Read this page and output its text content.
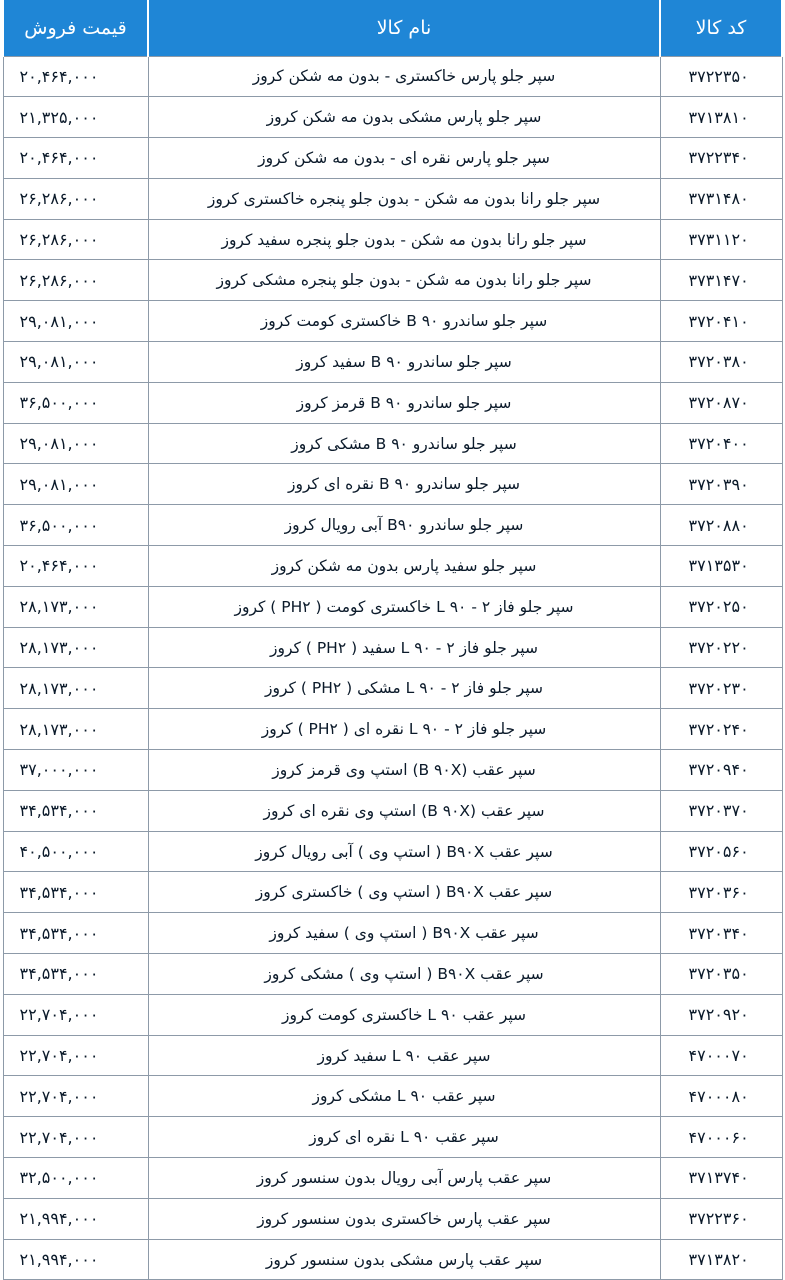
کد کالا	نام کالا	قیمت فروش
۳۷۲۲۳۵۰	سپر جلو پارس خاکستری - بدون مه شکن کروز	۲۰,۴۶۴,۰۰۰
۳۷۱۳۸۱۰	سپر جلو پارس مشکی بدون مه شکن کروز	۲۱,۳۲۵,۰۰۰
۳۷۲۲۳۴۰	سپر جلو پارس نقره ای - بدون مه شکن کروز	۲۰,۴۶۴,۰۰۰
۳۷۳۱۴۸۰	سپر جلو رانا بدون مه شکن - بدون جلو پنجره خاکستری کروز	۲۶,۲۸۶,۰۰۰
۳۷۳۱۱۲۰	سپر جلو رانا بدون مه شکن - بدون جلو پنجره سفید کروز	۲۶,۲۸۶,۰۰۰
۳۷۳۱۴۷۰	سپر جلو رانا بدون مه شکن - بدون جلو پنجره مشکی کروز	۲۶,۲۸۶,۰۰۰
۳۷۲۰۴۱۰	سپر جلو ساندرو B ۹۰ خاکستری کومت کروز	۲۹,۰۸۱,۰۰۰
۳۷۲۰۳۸۰	سپر جلو ساندرو B ۹۰ سفید کروز	۲۹,۰۸۱,۰۰۰
۳۷۲۰۸۷۰	سپر جلو ساندرو B ۹۰ قرمز کروز	۳۶,۵۰۰,۰۰۰
۳۷۲۰۴۰۰	سپر جلو ساندرو B ۹۰ مشکی کروز	۲۹,۰۸۱,۰۰۰
۳۷۲۰۳۹۰	سپر جلو ساندرو B ۹۰ نقره ای کروز	۲۹,۰۸۱,۰۰۰
۳۷۲۰۸۸۰	سپر جلو ساندرو B۹۰ آبی رویال کروز	۳۶,۵۰۰,۰۰۰
۳۷۱۳۵۳۰	سپر جلو سفید پارس بدون مه شکن کروز	۲۰,۴۶۴,۰۰۰
۳۷۲۰۲۵۰	سپر جلو فاز ۲ - ۹۰ L خاکستری کومت ( PH۲ ) کروز	۲۸,۱۷۳,۰۰۰
۳۷۲۰۲۲۰	سپر جلو فاز ۲ - ۹۰ L سفید ( PH۲ ) کروز	۲۸,۱۷۳,۰۰۰
۳۷۲۰۲۳۰	سپر جلو فاز ۲ - ۹۰ L مشکی ( PH۲ ) کروز	۲۸,۱۷۳,۰۰۰
۳۷۲۰۲۴۰	سپر جلو فاز ۲ - ۹۰ L نقره ای ( PH۲ ) کروز	۲۸,۱۷۳,۰۰۰
۳۷۲۰۹۴۰	سپر عقب (B ۹۰X) استپ وی قرمز کروز	۳۷,۰۰۰,۰۰۰
۳۷۲۰۳۷۰	سپر عقب (B ۹۰X) استپ وی نقره ای کروز	۳۴,۵۳۴,۰۰۰
۳۷۲۰۵۶۰	سپر عقب B۹۰X ( استپ وی ) آبی رویال کروز	۴۰,۵۰۰,۰۰۰
۳۷۲۰۳۶۰	سپر عقب B۹۰X ( استپ وی ) خاکستری کروز	۳۴,۵۳۴,۰۰۰
۳۷۲۰۳۴۰	سپر عقب B۹۰X ( استپ وی ) سفید کروز	۳۴,۵۳۴,۰۰۰
۳۷۲۰۳۵۰	سپر عقب B۹۰X ( استپ وی ) مشکی کروز	۳۴,۵۳۴,۰۰۰
۳۷۲۰۹۲۰	سپر عقب ۹۰ L خاکستری کومت کروز	۲۲,۷۰۴,۰۰۰
۴۷۰۰۰۷۰	سپر عقب ۹۰ L سفید کروز	۲۲,۷۰۴,۰۰۰
۴۷۰۰۰۸۰	سپر عقب ۹۰ L مشکی کروز	۲۲,۷۰۴,۰۰۰
۴۷۰۰۰۶۰	سپر عقب ۹۰ L نقره ای کروز	۲۲,۷۰۴,۰۰۰
۳۷۱۳۷۴۰	سپر عقب پارس آبی رویال بدون سنسور کروز	۳۲,۵۰۰,۰۰۰
۳۷۲۲۳۶۰	سپر عقب پارس خاکستری بدون سنسور کروز	۲۱,۹۹۴,۰۰۰
۳۷۱۳۸۲۰	سپر عقب پارس مشکی بدون سنسور کروز	۲۱,۹۹۴,۰۰۰
